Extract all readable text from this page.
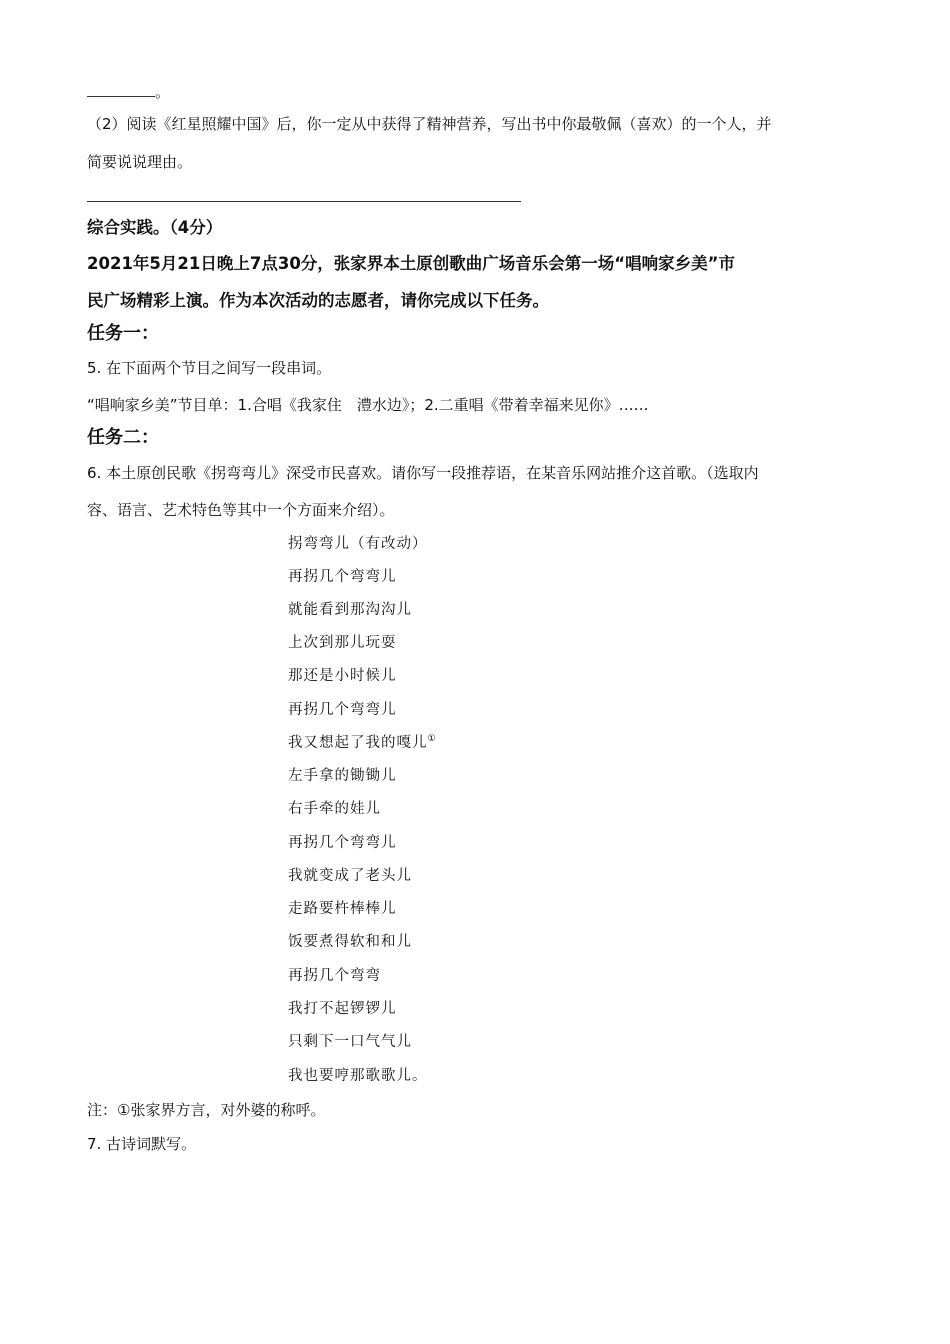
。
（2）阅读《红星照耀中国》后，你一定从中获得了精神营养，写出书中你最敬佩（喜欢）的一个人，并
简要说说理由。
综合实践。（4分）
2021年5月21日晚上7点30分，张家界本土原创歌曲广场音乐会第一场“唱响家乡美”市
民广场精彩上演。作为本次活动的志愿者，请你完成以下任务。
任务一：
5. 在下面两个节目之间写一段串词。
“唱响家乡美”节目单：1.合唱《我家住　澧水边》；2.二重唱《带着幸福来见你》……
任务二：
6. 本土原创民歌《拐弯弯儿》深受市民喜欢。请你写一段推荐语，在某音乐网站推介这首歌。（选取内
容、语言、艺术特色等其中一个方面来介绍）。
拐弯弯儿（有改动）
再拐几个弯弯儿
就能看到那沟沟儿
上次到那儿玩耍
那还是小时候儿
再拐几个弯弯儿
我又想起了我的嘎儿①
左手拿的锄锄儿
右手牵的娃儿
再拐几个弯弯儿
我就变成了老头儿
走路要杵棒棒儿
饭要煮得软和和儿
再拐几个弯弯
我打不起锣锣儿
只剩下一口气气儿
我也要哼那歌歌儿。
注：①张家界方言，对外婆的称呼。
7. 古诗词默写。
